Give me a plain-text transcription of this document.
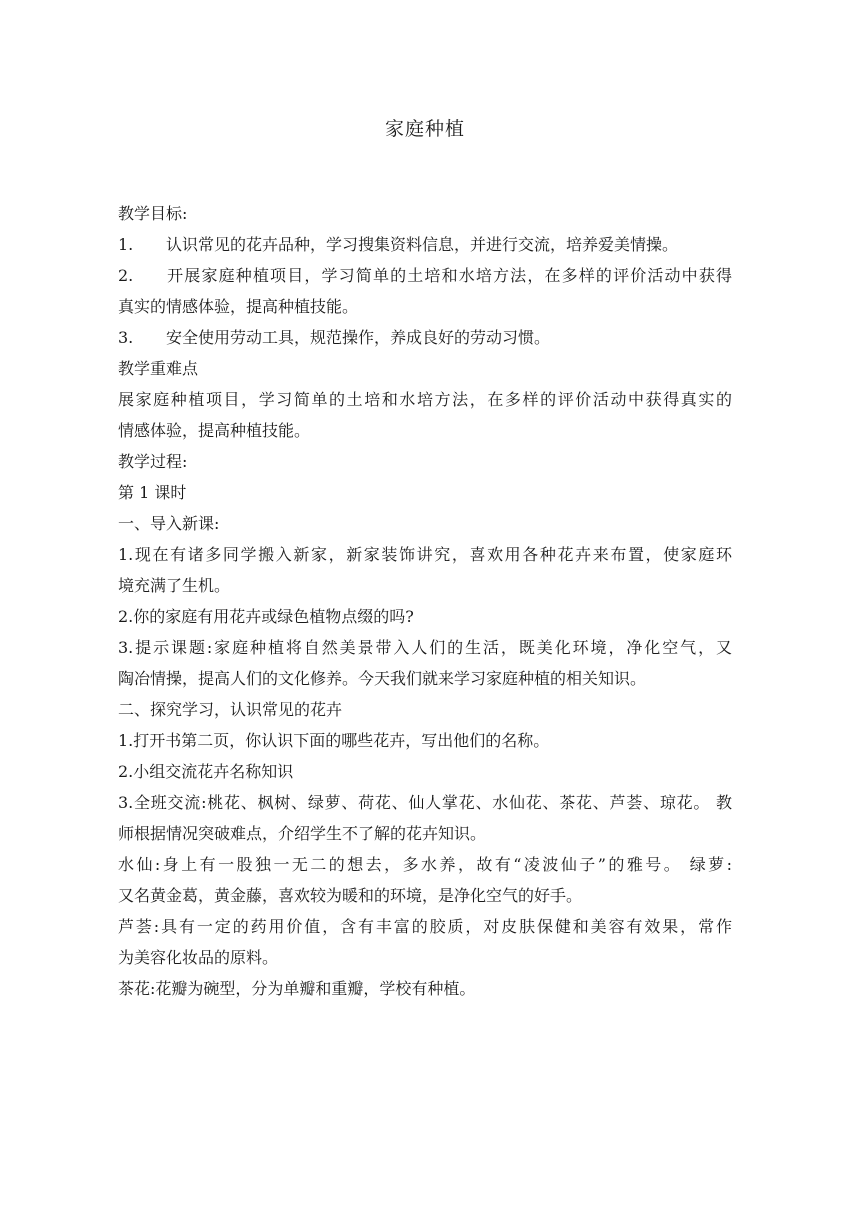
家庭种植
教学目标:
1. 认识常见的花卉品种，学习搜集资料信息，并进行交流，培养爱美情操。
2. 开展家庭种植项目，学习简单的土培和水培方法，在多样的评价活动中获得
真实的情感体验，提高种植技能。
3. 安全使用劳动工具，规范操作，养成良好的劳动习惯。
教学重难点
展家庭种植项目，学习简单的土培和水培方法，在多样的评价活动中获得真实的
情感体验，提高种植技能。
教学过程:
第 1 课时
一、导入新课:
1.现在有诸多同学搬入新家，新家装饰讲究，喜欢用各种花卉来布置，使家庭环
境充满了生机。
2.你的家庭有用花卉或绿色植物点缀的吗?
3.提示课题:家庭种植将自然美景带入人们的生活，既美化环境，净化空气，又
陶冶情操，提高人们的文化修养。今天我们就来学习家庭种植的相关知识。
二、探究学习，认识常见的花卉
1.打开书第二页，你认识下面的哪些花卉，写出他们的名称。
2.小组交流花卉名称知识
3.全班交流:桃花、枫树、绿萝、荷花、仙人掌花、水仙花、茶花、芦荟、琼花。 教
师根据情况突破难点，介绍学生不了解的花卉知识。
水仙:身上有一股独一无二的想去，多水养，故有“凌波仙子”的雅号。 绿萝:
又名黄金葛，黄金藤，喜欢较为暖和的环境，是净化空气的好手。
芦荟:具有一定的药用价值，含有丰富的胶质，对皮肤保健和美容有效果，常作
为美容化妆品的原料。
茶花:花瓣为碗型，分为单瓣和重瓣，学校有种植。
